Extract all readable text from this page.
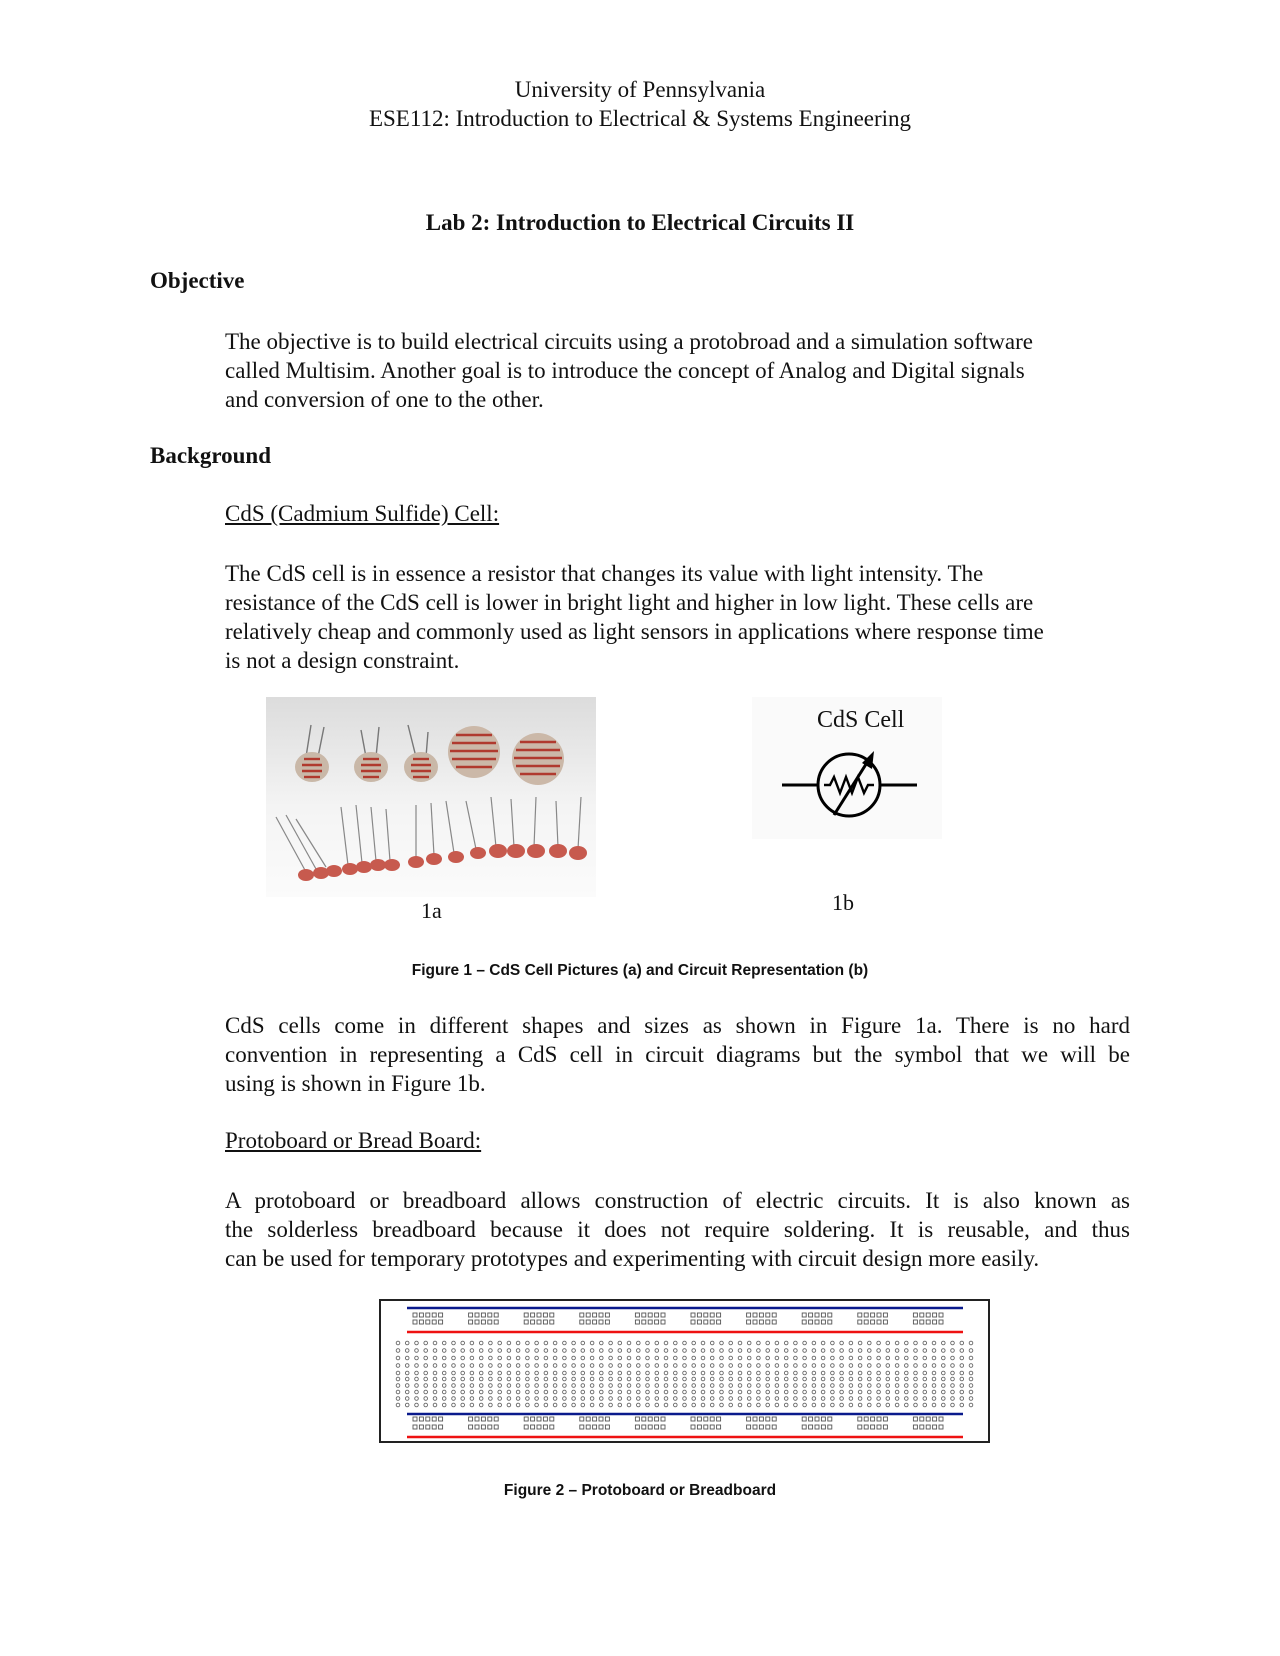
University of Pennsylvania
ESE112: Introduction to Electrical & Systems Engineering
Lab 2: Introduction to Electrical Circuits II
Objective
The objective is to build electrical circuits using a protobroad and a simulation software
called Multisim. Another goal is to introduce the concept of Analog and Digital signals
and conversion of one to the other.
Background
CdS (Cadmium Sulfide) Cell:
The CdS cell is in essence a resistor that changes its value with light intensity. The
resistance of the CdS cell is lower in bright light and higher in low light. These cells are
relatively cheap and commonly used as light sensors in applications where response time
is not a design constraint.
CdS Cell
1a	1b
Figure 1 – CdS Cell Pictures (a) and Circuit Representation (b)
CdS cells come in different shapes and sizes as shown in Figure 1a. There is no hard
convention in representing a CdS cell in circuit diagrams but the symbol that we will be
using is shown in Figure 1b.
Protoboard or Bread Board:
A protoboard or breadboard allows construction of electric circuits. It is also known as
the solderless breadboard because it does not require soldering. It is reusable, and thus
can be used for temporary prototypes and experimenting with circuit design more easily.
Figure 2 – Protoboard or Breadboard
